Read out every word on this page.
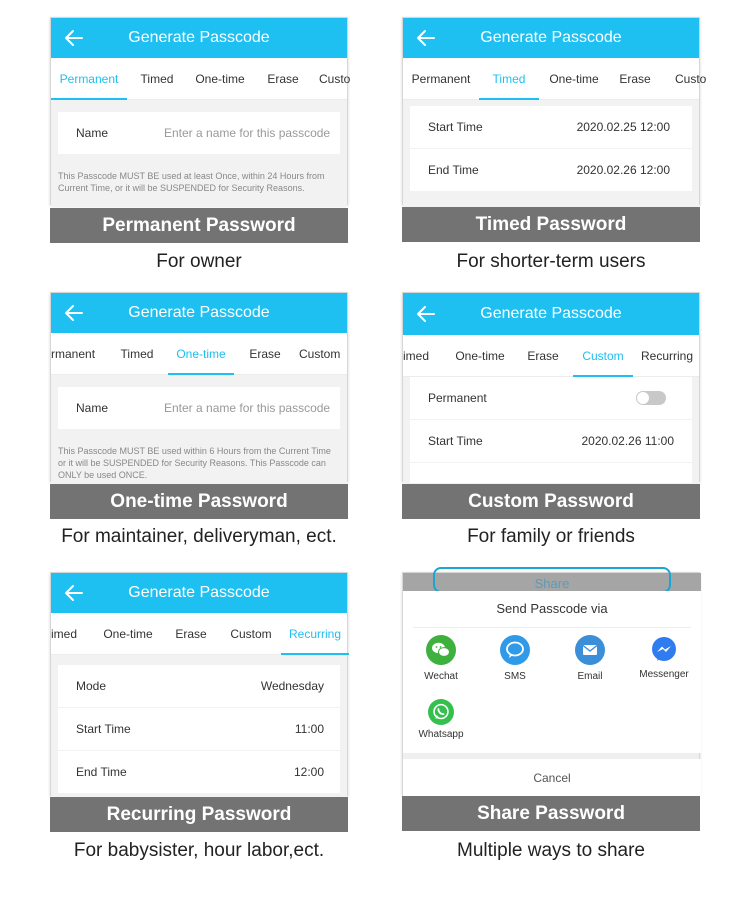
Generate Passcode
Permanent	Timed	One-time	Erase	Custo
Name	Enter a name for this passcode
This Passcode MUST BE used at least Once, within 24 Hours from Current Time, or it will be SUSPENDED for Security Reasons.
Permanent Password
For owner
Generate Passcode
Permanent	Timed	One-time	Erase	Custo
Start Time	2020.02.25 12:00
End Time	2020.02.26 12:00
Timed Password
For shorter-term users
Generate Passcode
rmanent	Timed	One-time	Erase	Custom
Name	Enter a name for this passcode
This Passcode MUST BE used within 6 Hours from the Current Time or it will be SUSPENDED for Security Reasons. This Passcode can ONLY be used ONCE.
One-time Password
For maintainer, deliveryman, ect.
Generate Passcode
imed	One-time	Erase	Custom	Recurring
Permanent
Start Time	2020.02.26 11:00
Custom Password
For family or friends
Generate Passcode
imed	One-time	Erase	Custom	Recurring
Mode	Wednesday
Start Time	11:00
End Time	12:00
Recurring Password
For babysister, hour labor,ect.
Share
Send Passcode via
Wechat	SMS	Email	Messenger
Whatsapp
Cancel
Share Password
Multiple ways to share
